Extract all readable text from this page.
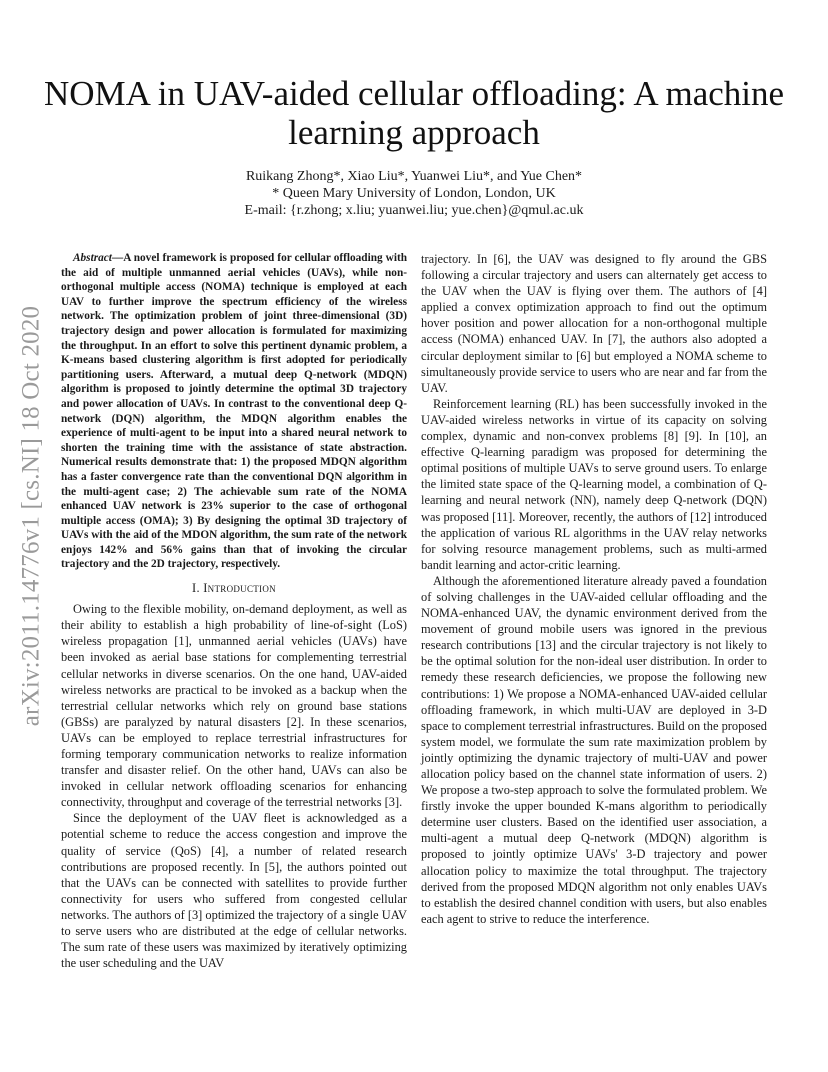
arXiv:2011.14776v1 [cs.NI] 18 Oct 2020
NOMA in UAV-aided cellular offloading: A machine learning approach
Ruikang Zhong*, Xiao Liu*, Yuanwei Liu*, and Yue Chen*
* Queen Mary University of London, London, UK
E-mail: {r.zhong; x.liu; yuanwei.liu; yue.chen}@qmul.ac.uk

Abstract—A novel framework is proposed for cellular offloading with the aid of multiple unmanned aerial vehicles (UAVs), while non-orthogonal multiple access (NOMA) technique is employed at each UAV to further improve the spectrum efficiency of the wireless network. The optimization problem of joint three-dimensional (3D) trajectory design and power allocation is formulated for maximizing the throughput. In an effort to solve this pertinent dynamic problem, a K-means based clustering algorithm is first adopted for periodically partitioning users. Afterward, a mutual deep Q-network (MDQN) algorithm is proposed to jointly determine the optimal 3D trajectory and power allocation of UAVs. In contrast to the conventional deep Q-network (DQN) algorithm, the MDQN algorithm enables the experience of multi-agent to be input into a shared neural network to shorten the training time with the assistance of state abstraction. Numerical results demonstrate that: 1) the proposed MDQN algorithm has a faster convergence rate than the conventional DQN algorithm in the multi-agent case; 2) The achievable sum rate of the NOMA enhanced UAV network is 23% superior to the case of orthogonal multiple access (OMA); 3) By designing the optimal 3D trajectory of UAVs with the aid of the MDON algorithm, the sum rate of the network enjoys 142% and 56% gains than that of invoking the circular trajectory and the 2D trajectory, respectively.

I. Introduction

Owing to the flexible mobility, on-demand deployment, as well as their ability to establish a high probability of line-of-sight (LoS) wireless propagation [1], unmanned aerial vehicles (UAVs) have been invoked as aerial base stations for complementing terrestrial cellular networks in diverse scenarios. On the one hand, UAV-aided wireless networks are practical to be invoked as a backup when the terrestrial cellular networks which rely on ground base stations (GBSs) are paralyzed by natural disasters [2]. In these scenarios, UAVs can be employed to replace terrestrial infrastructures for forming temporary communication networks to realize information transfer and disaster relief. On the other hand, UAVs can also be invoked in cellular network offloading scenarios for enhancing connectivity, throughput and coverage of the terrestrial networks [3].

Since the deployment of the UAV fleet is acknowledged as a potential scheme to reduce the access congestion and improve the quality of service (QoS) [4], a number of related research contributions are proposed recently. In [5], the authors pointed out that the UAVs can be connected with satellites to provide further connectivity for users who suffered from congested cellular networks. The authors of [3] optimized the trajectory of a single UAV to serve users who are distributed at the edge of cellular networks. The sum rate of these users was maximized by iteratively optimizing the user scheduling and the UAV

trajectory. In [6], the UAV was designed to fly around the GBS following a circular trajectory and users can alternately get access to the UAV when the UAV is flying over them. The authors of [4] applied a convex optimization approach to find out the optimum hover position and power allocation for a non-orthogonal multiple access (NOMA) enhanced UAV. In [7], the authors also adopted a circular deployment similar to [6] but employed a NOMA scheme to simultaneously provide service to users who are near and far from the UAV.

Reinforcement learning (RL) has been successfully invoked in the UAV-aided wireless networks in virtue of its capacity on solving complex, dynamic and non-convex problems [8] [9]. In [10], an effective Q-learning paradigm was proposed for determining the optimal positions of multiple UAVs to serve ground users. To enlarge the limited state space of the Q-learning model, a combination of Q-learning and neural network (NN), namely deep Q-network (DQN) was proposed [11]. Moreover, recently, the authors of [12] introduced the application of various RL algorithms in the UAV relay networks for solving resource management problems, such as multi-armed bandit learning and actor-critic learning.

Although the aforementioned literature already paved a foundation of solving challenges in the UAV-aided cellular offloading and the NOMA-enhanced UAV, the dynamic environment derived from the movement of ground mobile users was ignored in the previous research contributions [13] and the circular trajectory is not likely to be the optimal solution for the non-ideal user distribution. In order to remedy these research deficiencies, we propose the following new contributions: 1) We propose a NOMA-enhanced UAV-aided cellular offloading framework, in which multi-UAV are deployed in 3-D space to complement terrestrial infrastructures. Build on the proposed system model, we formulate the sum rate maximization problem by jointly optimizing the dynamic trajectory of multi-UAV and power allocation policy based on the channel state information of users. 2) We propose a two-step approach to solve the formulated problem. We firstly invoke the upper bounded K-mans algorithm to periodically determine user clusters. Based on the identified user association, a multi-agent a mutual deep Q-network (MDQN) algorithm is proposed to jointly optimize UAVs' 3-D trajectory and power allocation policy to maximize the total throughput. The trajectory derived from the proposed MDQN algorithm not only enables UAVs to establish the desired channel condition with users, but also enables each agent to strive to reduce the interference.
